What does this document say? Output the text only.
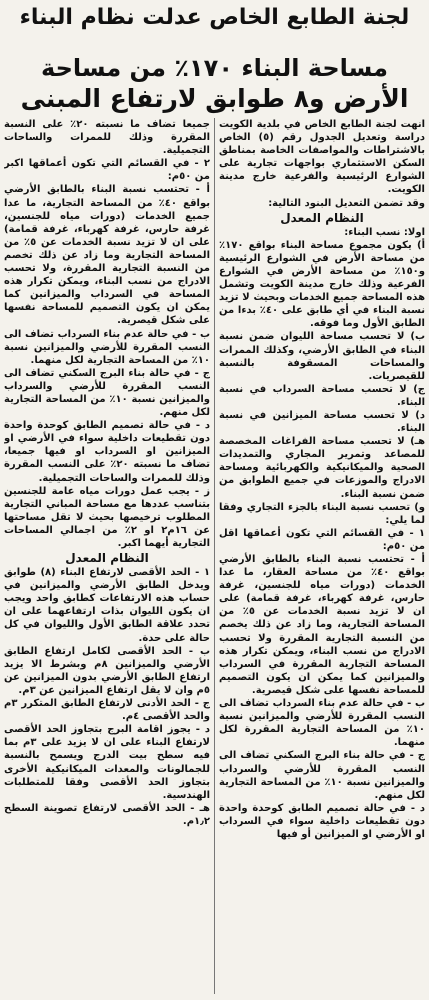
لجنة الطابع الخاص عدلت نظام البناء
مساحة البناء ١٧٠٪ من مساحة
الأرض و٨ طوابق لارتفاع المبنى

انهت لجنة الطابع الخاص في بلدية الكويت دراسة وتعديل الجدول رقم (٥) الخاص بالاشتراطات والمواصفات الخاصة بمناطق السكن الاستثماري بواجهات تجارية على الشوارع الرئيسية والفرعية خارج مدينة الكويت.

وقد تضمن التعديل البنود التالية:

النظام المعدل

اولا: نسب البناء:

أ) يكون مجموع مساحة البناء بواقع ١٧٠٪ من مساحة الأرض في الشوارع الرئيسية و١٥٠٪ من مساحة الأرض في الشوارع الفرعية وذلك خارج مدينة الكويت وتشمل هذه المساحة جميع الخدمات وبحيث لا تزيد نسبة البناء في أي طابق على ٤٠٪ بدءا من الطابق الأول وما فوقه.

ب) لا تحسب مساحة الليوان ضمن نسبة البناء في الطابق الأرضي، وكذلك الممرات والمساحات المسقوفة بالنسبة للقيصريات.

ج) لا تحسب مساحة السرداب في نسبة البناء.

د) لا تحسب مساحة الميزانين في نسبة البناء.

هـ) لا تحسب مساحة الفراغات المخصصة للمصاعد وتمرير المجاري والتمديدات الصحية والميكانيكية والكهربائية ومساحة الادراج والموزعات في جميع الطوابق من ضمن نسبة البناء.

و) تحسب نسبة البناء بالجزء التجاري وفقا لما يلي:

١ - في القسائم التي تكون أعماقها اقل من ٥٠م:

أ - تحتسب نسبة البناء بالطابق الأرضي بواقع ٤٠٪ من مساحة العقار، ما عدا الخدمات (دورات مياه للجنسين، غرفة حارس، غرفة كهرباء، غرفة قمامة) على ان لا تزيد نسبة الخدمات عن ٥٪ من المساحة التجارية، وما زاد عن ذلك يخصم من النسبة التجارية المقررة ولا تحسب الادراج من نسب البناء، ويمكن تكرار هذه المساحة التجارية المقررة في السرداب والميزانين كما يمكن ان يكون التصميم للمساحة نفسها على شكل قيصرية.

ب - في حالة عدم بناء السرداب تضاف الى النسب المقررة للأرضي والميزانين نسبة ١٠٪ من المساحة التجارية المقررة لكل منهما.

ج - في حالة بناء البرج السكني تضاف الى النسب المقررة للأرضي والسرداب والميزانين نسبة ١٠٪ من المساحة التجارية لكل منهم.

د - في حالة تصميم الطابق كوحدة واحدة دون تقطيعات داخلية سواء في السرداب او الأرضي او الميزانين أو فيها

جميعا تضاف ما نسبته ٢٠٪ على النسبة المقررة وذلك للممرات والساحات التجميلية.

٢ - في القسائم التي تكون أعماقها اكبر من ٥٠م:

أ - تحتسب نسبة البناء بالطابق الأرضي بواقع ٤٠٪ من المساحة التجارية، ما عدا جميع الخدمات (دورات مياه للجنسين، غرفة حارس، غرفة كهرباء، غرفة قمامة) على ان لا تزيد نسبة الخدمات عن ٥٪ من المساحة التجارية وما زاد عن ذلك تخصم من النسبة التجارية المقررة، ولا تحسب الادراج من نسب البناء، ويمكن تكرار هذه المساحة في السرداب والميزانين كما يمكن ان يكون التصميم للمساحة نفسها على شكل قيصرية.

ب - في حالة عدم بناء السرداب تضاف الى النسب المقررة للأرضي والميزانين نسبة ١٠٪ من المساحة التجارية لكل منهما.

ج - في حالة بناء البرج السكني تضاف الى النسب المقررة للأرضي والسرداب والميزانين نسبة ١٠٪ من المساحة التجارية لكل منهم.

د - في حالة تصميم الطابق كوحدة واحدة دون تقطيعات داخلية سواء في الأرضي او الميزانين او السرداب او فيها جميعا، تضاف ما نسبته ٢٠٪ على النسب المقررة وذلك للممرات والساحات التجميلية.

ز - يجب عمل دورات مياه عامة للجنسين بتناسب عددها مع مساحة المباني التجارية المطلوب ترخيصها بحيث لا تقل مساحتها عن ١٦م٢ او ٢٪ من اجمالي المساحات التجارية أيهما اكبر.

النظام المعدل

١ - الحد الأقصى لارتفاع البناء (٨) طوابق ويدخل الطابق الأرضي والميزانين في حساب هذه الارتفاعات كطابق واحد ويجب ان يكون الليوان بذات ارتفاعهما على ان تحدد علاقة الطابق الأول والليوان في كل حالة على حدة.

ب - الحد الأقصى لكامل ارتفاع الطابق الأرضي والميزانين ٨م وبشرط الا يزيد ارتفاع الطابق الأرضي بدون الميزانين عن ٥م وان لا يقل ارتفاع الميزانين عن ٣م.

ج - الحد الأدنى لارتفاع الطابق المتكرر ٣م والحد الأقصى ٤م.

د - يجوز اقامة البرج بتجاوز الحد الأقصى لارتفاع البناء على ان لا يزيد على ٣م بما فيه سطح بيت الدرج ويسمح بالنسبة للجمالونات والمعدات الميكانيكية الأخرى بتجاوز الحد الأقصى وفقا للمتطلبات الهندسية.

هـ - الحد الأقصى لارتفاع تصوينة السطح ١٫٢م.
